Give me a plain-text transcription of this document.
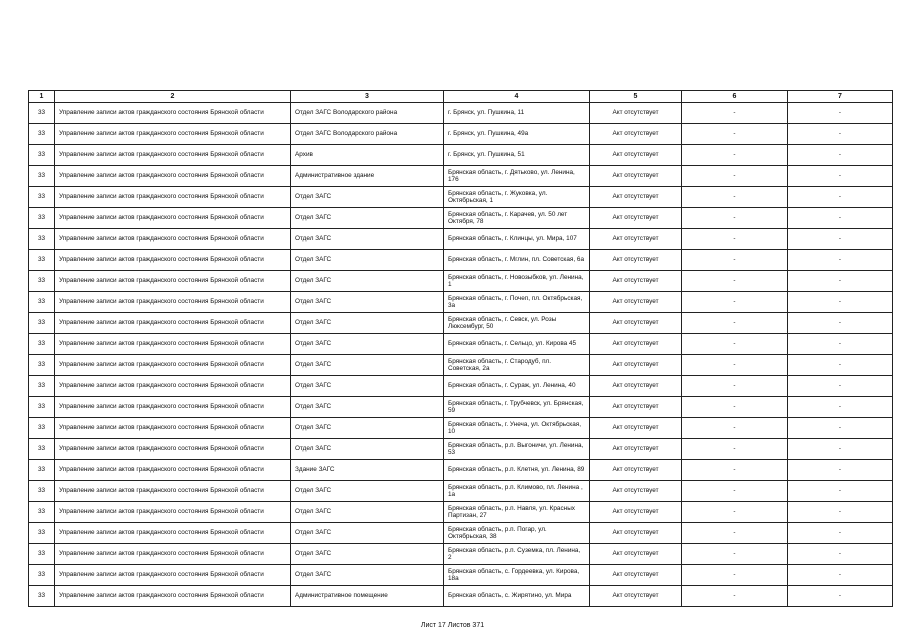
1	2	3	4	5	6	7
33	Управление записи актов гражданского состояния Брянской области	Отдел ЗАГС Володарского района	г. Брянск, ул. Пушкина, 11	Акт отсутствует	-	-
33	Управление записи актов гражданского состояния Брянской области	Отдел ЗАГС Володарского района	г. Брянск, ул. Пушкина, 49а	Акт отсутствует	-	-
33	Управление записи актов гражданского состояния Брянской области	Архив	г. Брянск, ул. Пушкина, 51	Акт отсутствует	-	-
33	Управление записи актов гражданского состояния Брянской области	Административное здание	Брянская область, г. Дятьково, ул. Ленина, 176	Акт отсутствует	-	-
33	Управление записи актов гражданского состояния Брянской области	Отдел ЗАГС	Брянская область, г. Жуковка, ул. Октябрьская, 1	Акт отсутствует	-	-
33	Управление записи актов гражданского состояния Брянской области	Отдел ЗАГС	Брянская область, г. Карачев, ул. 50 лет Октября, 78	Акт отсутствует	-	-
33	Управление записи актов гражданского состояния Брянской области	Отдел ЗАГС	Брянская область, г. Клинцы, ул. Мира, 107	Акт отсутствует	-	-
33	Управление записи актов гражданского состояния Брянской области	Отдел ЗАГС	Брянская область, г. Мглин, пл. Советская, 6а	Акт отсутствует	-	-
33	Управление записи актов гражданского состояния Брянской области	Отдел ЗАГС	Брянская область, г. Новозыбков, ул. Ленина, 1	Акт отсутствует	-	-
33	Управление записи актов гражданского состояния Брянской области	Отдел ЗАГС	Брянская область, г. Почеп, пл. Октябрьская, 3а	Акт отсутствует	-	-
33	Управление записи актов гражданского состояния Брянской области	Отдел ЗАГС	Брянская область, г. Севск, ул. Розы Люксембург, 50	Акт отсутствует	-	-
33	Управление записи актов гражданского состояния Брянской области	Отдел ЗАГС	Брянская область, г. Сельцо, ул. Кирова 45	Акт отсутствует	-	-
33	Управление записи актов гражданского состояния Брянской области	Отдел ЗАГС	Брянская область, г. Стародуб, пл. Советская, 2а	Акт отсутствует	-	-
33	Управление записи актов гражданского состояния Брянской области	Отдел ЗАГС	Брянская область, г. Сураж, ул. Ленина, 40	Акт отсутствует	-	-
33	Управление записи актов гражданского состояния Брянской области	Отдел ЗАГС	Брянская область, г. Трубчевск, ул. Брянская, 59	Акт отсутствует	-	-
33	Управление записи актов гражданского состояния Брянской области	Отдел ЗАГС	Брянская область, г. Унеча, ул. Октябрьская, 10	Акт отсутствует	-	-
33	Управление записи актов гражданского состояния Брянской области	Отдел ЗАГС	Брянская область, р.п. Выгоничи, ул. Ленина, 53	Акт отсутствует	-	-
33	Управление записи актов гражданского состояния Брянской области	Здание ЗАГС	Брянская область, р.п. Клетня, ул. Ленина, 89	Акт отсутствует	-	-
33	Управление записи актов гражданского состояния Брянской области	Отдел ЗАГС	Брянская область, р.п. Климово, пл. Ленина , 1а	Акт отсутствует	-	-
33	Управление записи актов гражданского состояния Брянской области	Отдел ЗАГС	Брянская область, р.п. Навля, ул. Красных Партизан, 27	Акт отсутствует	-	-
33	Управление записи актов гражданского состояния Брянской области	Отдел ЗАГС	Брянская область, р.п. Погар, ул. Октябрьская, 38	Акт отсутствует	-	-
33	Управление записи актов гражданского состояния Брянской области	Отдел ЗАГС	Брянская область, р.п. Суземка, пл. Ленина, 2	Акт отсутствует	-	-
33	Управление записи актов гражданского состояния Брянской области	Отдел ЗАГС	Брянская область, с. Гордеевка, ул. Кирова, 18а	Акт отсутствует	-	-
33	Управление записи актов гражданского состояния Брянской области	Административное помещение	Брянская область, с. Жирятино, ул. Мира	Акт отсутствует	-	-
Лист 17 Листов 371
